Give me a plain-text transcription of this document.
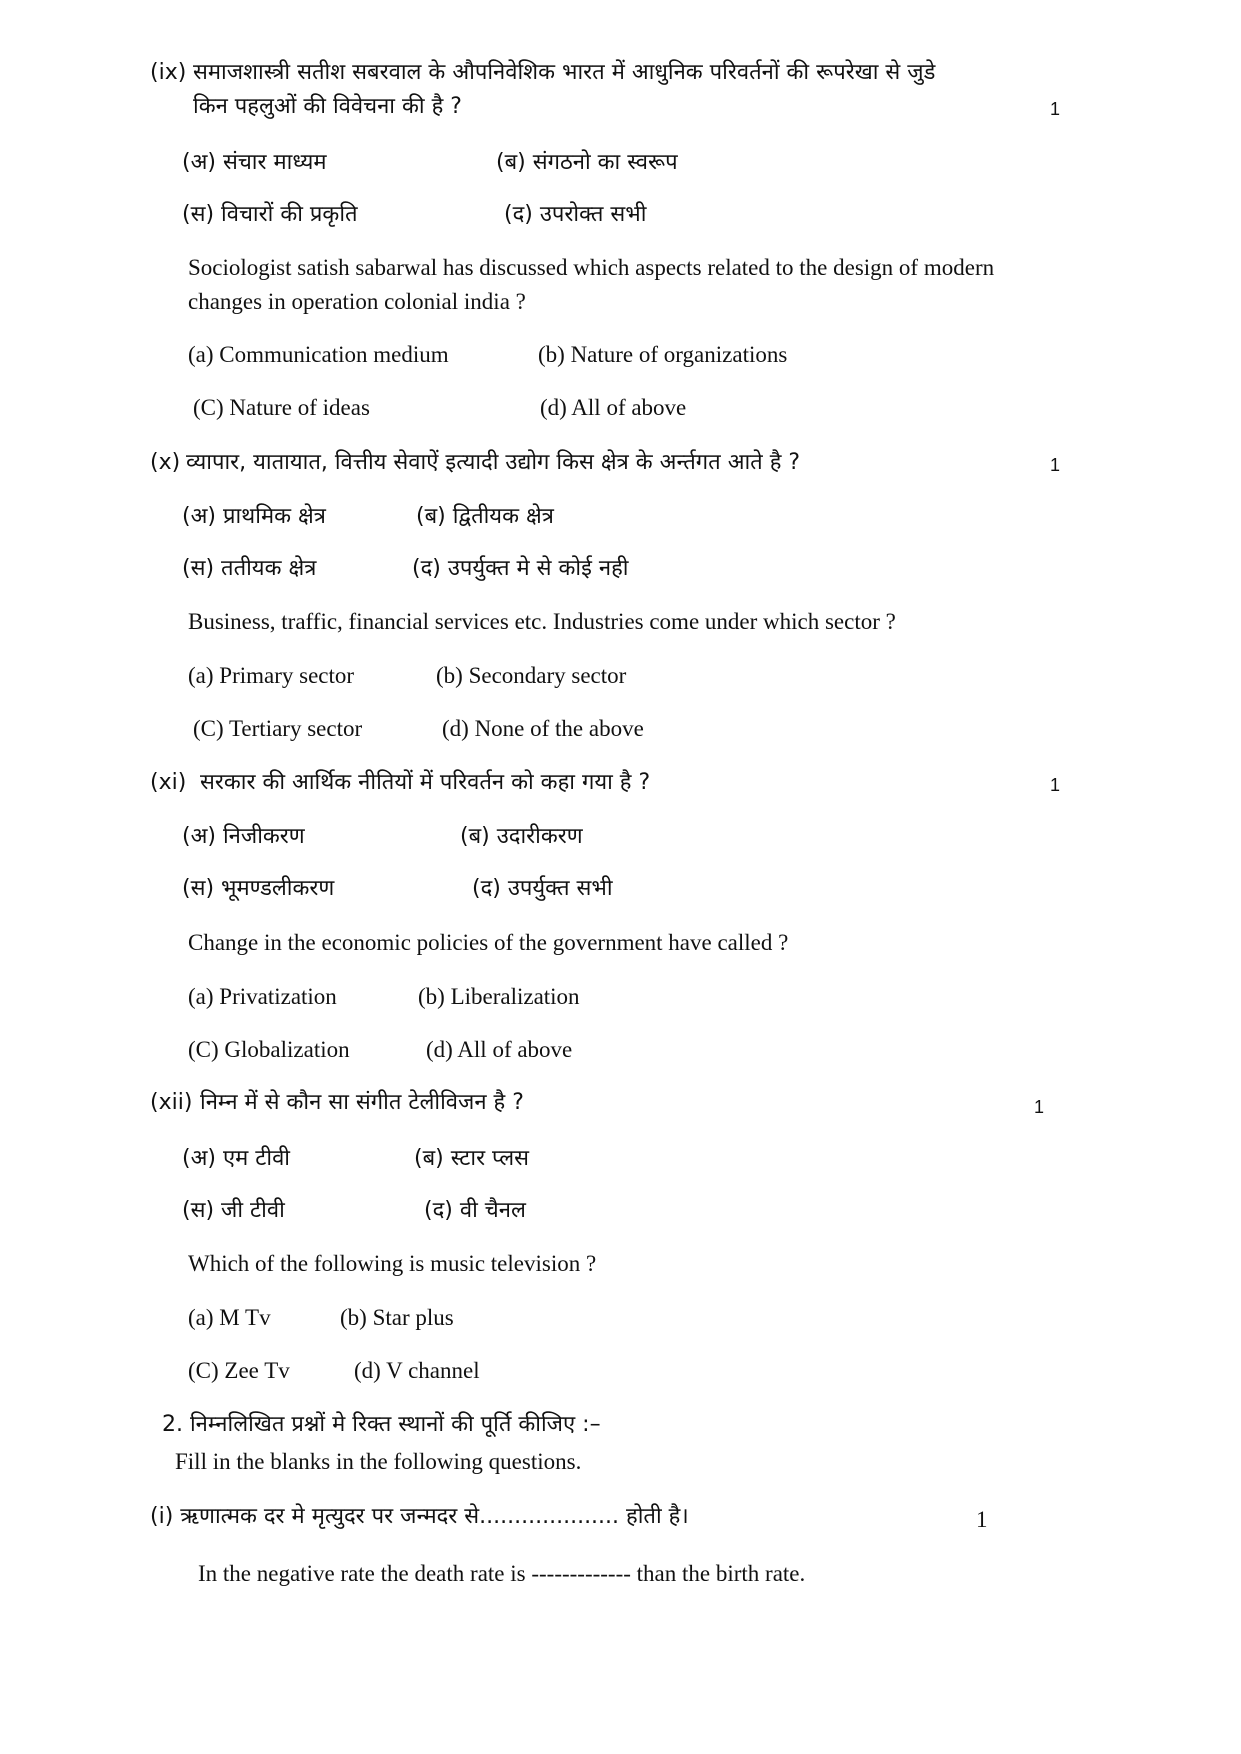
(ix) समाजशास्त्री सतीश सबरवाल के औपनिवेशिक भारत में आधुनिक परिवर्तनों की रूपरेखा से जुडे
किन पहलुओं की विवेचना की है ?	1
(अ) संचार माध्यम	(ब) संगठनो का स्वरूप
(स) विचारों की प्रकृति	(द) उपरोक्त सभी
Sociologist satish sabarwal has discussed which aspects related to the design of modern
changes in operation colonial india ?
(a) Communication medium	(b) Nature of organizations
(C) Nature of ideas	(d) All of above
(x) व्यापार, यातायात, वित्तीय सेवाऐं इत्यादी उद्योग किस क्षेत्र के अर्न्तगत आते है ?	1
(अ) प्राथमिक क्षेत्र	(ब) द्वितीयक क्षेत्र
(स) ततीयक क्षेत्र	(द) उपर्युक्त मे से कोई नही
Business, traffic, financial services etc. Industries come under which sector ?
(a) Primary sector	(b) Secondary sector
(C) Tertiary sector	(d) None of the above
(xi) सरकार की आर्थिक नीतियों में परिवर्तन को कहा गया है ?	1
(अ) निजीकरण	(ब) उदारीकरण
(स) भूमण्डलीकरण	(द) उपर्युक्त सभी
Change in the economic policies of the government have called ?
(a) Privatization	(b) Liberalization
(C) Globalization	(d) All of above
(xii) निम्न में से कौन सा संगीत टेलीविजन है ?	1
(अ) एम टीवी	(ब) स्टार प्लस
(स) जी टीवी	(द) वी चैनल
Which of the following is music television ?
(a) M Tv	(b) Star plus
(C) Zee Tv	(d) V channel
2. निम्नलिखित प्रश्नों मे रिक्त स्थानों की पूर्ति कीजिए :–
Fill in the blanks in the following questions.
(i) ऋणात्मक दर मे मृत्युदर पर जन्मदर से.................... होती है।	1
In the negative rate the death rate is ------------- than the birth rate.
